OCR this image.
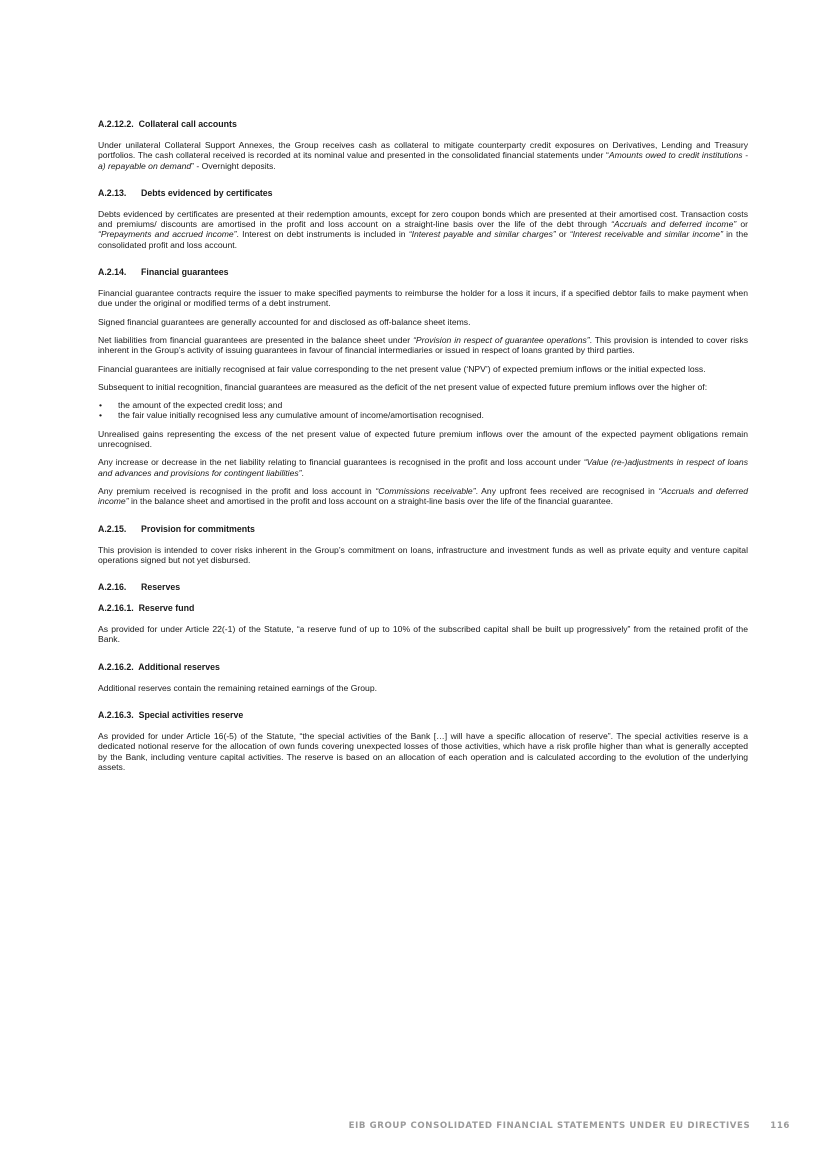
A.2.12.2.  Collateral call accounts

Under unilateral Collateral Support Annexes, the Group receives cash as collateral to mitigate counterparty credit exposures on Derivatives, Lending and Treasury portfolios. The cash collateral received is recorded at its nominal value and presented in the consolidated financial statements under “Amounts owed to credit institutions - a) repayable on demand” - Overnight deposits.

A.2.13.      Debts evidenced by certificates

Debts evidenced by certificates are presented at their redemption amounts, except for zero coupon bonds which are presented at their amortised cost. Transaction costs and premiums/ discounts are amortised in the profit and loss account on a straight-line basis over the life of the debt through “Accruals and deferred income” or “Prepayments and accrued income”. Interest on debt instruments is included in “Interest payable and similar charges” or “Interest receivable and similar income” in the consolidated profit and loss account.

A.2.14.      Financial guarantees

Financial guarantee contracts require the issuer to make specified payments to reimburse the holder for a loss it incurs, if a specified debtor fails to make payment when due under the original or modified terms of a debt instrument.

Signed financial guarantees are generally accounted for and disclosed as off-balance sheet items.

Net liabilities from financial guarantees are presented in the balance sheet under “Provision in respect of guarantee operations”. This provision is intended to cover risks inherent in the Group’s activity of issuing guarantees in favour of financial intermediaries or issued in respect of loans granted by third parties.

Financial guarantees are initially recognised at fair value corresponding to the net present value (‘NPV’) of expected premium inflows or the initial expected loss.

Subsequent to initial recognition, financial guarantees are measured as the deficit of the net present value of expected future premium inflows over the higher of:

• the amount of the expected credit loss; and
• the fair value initially recognised less any cumulative amount of income/amortisation recognised.

Unrealised gains representing the excess of the net present value of expected future premium inflows over the amount of the expected payment obligations remain unrecognised.

Any increase or decrease in the net liability relating to financial guarantees is recognised in the profit and loss account under “Value (re-)adjustments in respect of loans and advances and provisions for contingent liabilities”.

Any premium received is recognised in the profit and loss account in “Commissions receivable”. Any upfront fees received are recognised in “Accruals and deferred income” in the balance sheet and amortised in the profit and loss account on a straight-line basis over the life of the financial guarantee.

A.2.15.      Provision for commitments

This provision is intended to cover risks inherent in the Group’s commitment on loans, infrastructure and investment funds as well as private equity and venture capital operations signed but not yet disbursed.

A.2.16.      Reserves
A.2.16.1.  Reserve fund

As provided for under Article 22(-1) of the Statute, “a reserve fund of up to 10% of the subscribed capital shall be built up progressively” from the retained profit of the Bank.

A.2.16.2.  Additional reserves

Additional reserves contain the remaining retained earnings of the Group.

A.2.16.3.  Special activities reserve

As provided for under Article 16(-5) of the Statute, “the special activities of the Bank […] will have a specific allocation of reserve”. The special activities reserve is a dedicated notional reserve for the allocation of own funds covering unexpected losses of those activities, which have a risk profile higher than what is generally accepted by the Bank, including venture capital activities. The reserve is based on an allocation of each operation and is calculated according to the evolution of the underlying assets.

EIB GROUP CONSOLIDATED FINANCIAL STATEMENTS UNDER EU DIRECTIVES 116
